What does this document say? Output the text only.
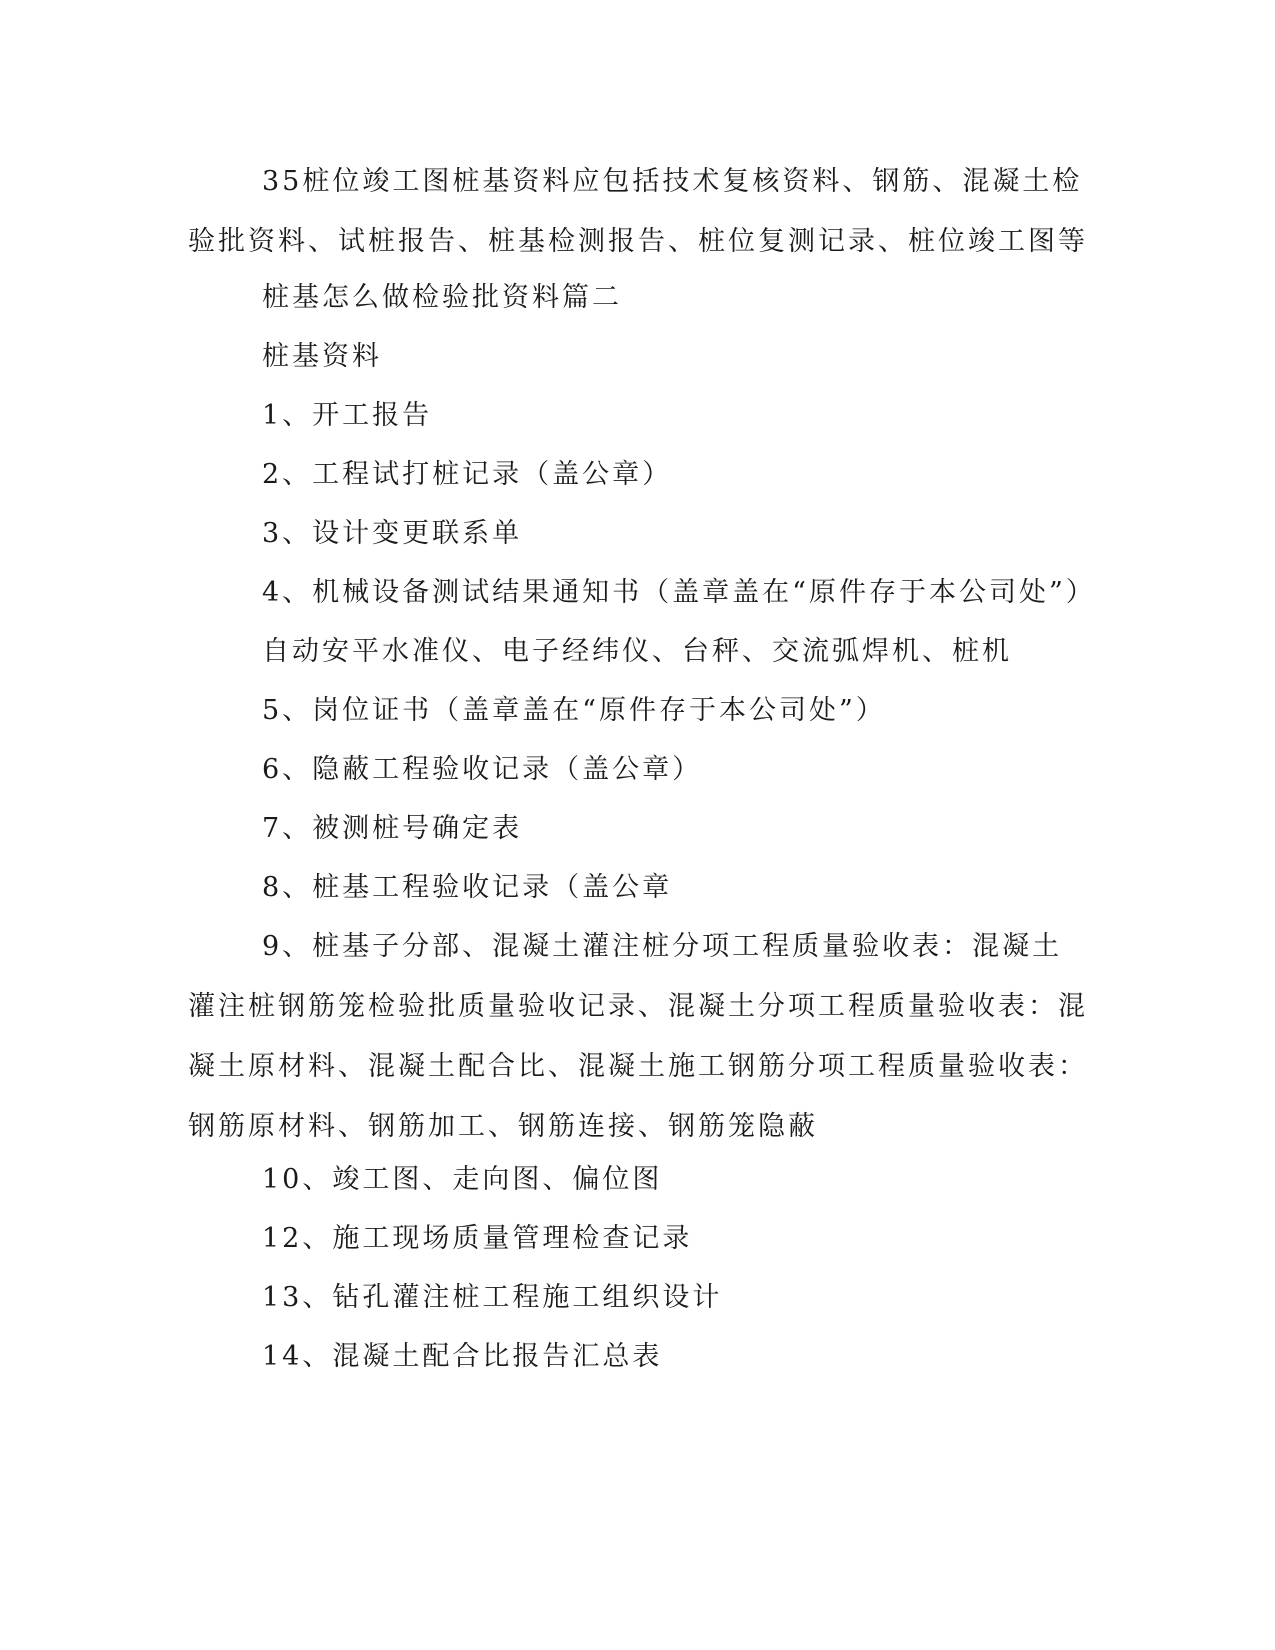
35桩位竣工图桩基资料应包括技术复核资料、钢筋、混凝土检验批资料、试桩报告、桩基检测报告、桩位复测记录、桩位竣工图等

桩基怎么做检验批资料篇二

桩基资料

1、开工报告

2、工程试打桩记录（盖公章）

3、设计变更联系单

4、机械设备测试结果通知书（盖章盖在“原件存于本公司处”）

自动安平水准仪、电子经纬仪、台秤、交流弧焊机、桩机

5、岗位证书（盖章盖在“原件存于本公司处”）

6、隐蔽工程验收记录（盖公章）

7、被测桩号确定表

8、桩基工程验收记录（盖公章

9、桩基子分部、混凝土灌注桩分项工程质量验收表：混凝土灌注桩钢筋笼检验批质量验收记录、混凝土分项工程质量验收表：混凝土原材料、混凝土配合比、混凝土施工钢筋分项工程质量验收表：钢筋原材料、钢筋加工、钢筋连接、钢筋笼隐蔽

10、竣工图、走向图、偏位图

12、施工现场质量管理检查记录

13、钻孔灌注桩工程施工组织设计

14、混凝土配合比报告汇总表
